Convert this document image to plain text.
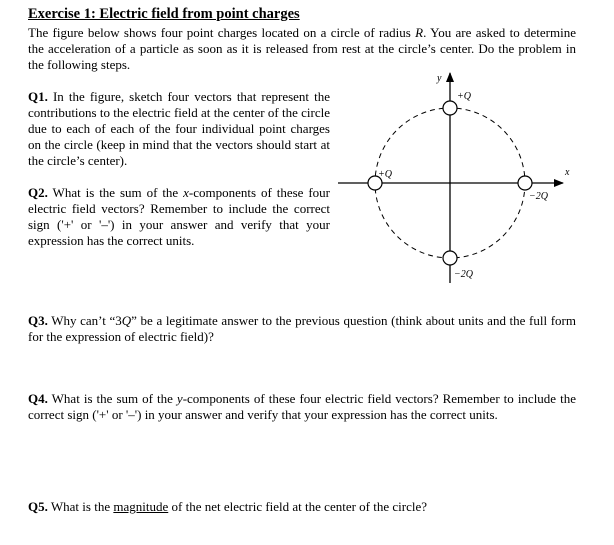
Exercise 1: Electric field from point charges
The figure below shows four point charges located on a circle of radius R. You are asked to determine the acceleration of a particle as soon as it is released from rest at the circle’s center. Do the problem in the following steps.
Q1. In the figure, sketch four vectors that represent the contributions to the electric field at the center of the circle due to each of each of the four individual point charges on the circle (keep in mind that the vectors should start at the circle’s center).
Q2. What is the sum of the x-components of these four electric field vectors? Remember to include the correct sign ('+' or '–') in your answer and verify that your expression has the correct units.
Q3. Why can’t “3Q” be a legitimate answer to the previous question (think about units and the full form for the expression of electric field)?
Q4. What is the sum of the y-components of these four electric field vectors? Remember to include the correct sign ('+' or '–') in your answer and verify that your expression has the correct units.
Q5. What is the magnitude of the net electric field at the center of the circle?
x
y
+Q
+Q
−2Q
−2Q
